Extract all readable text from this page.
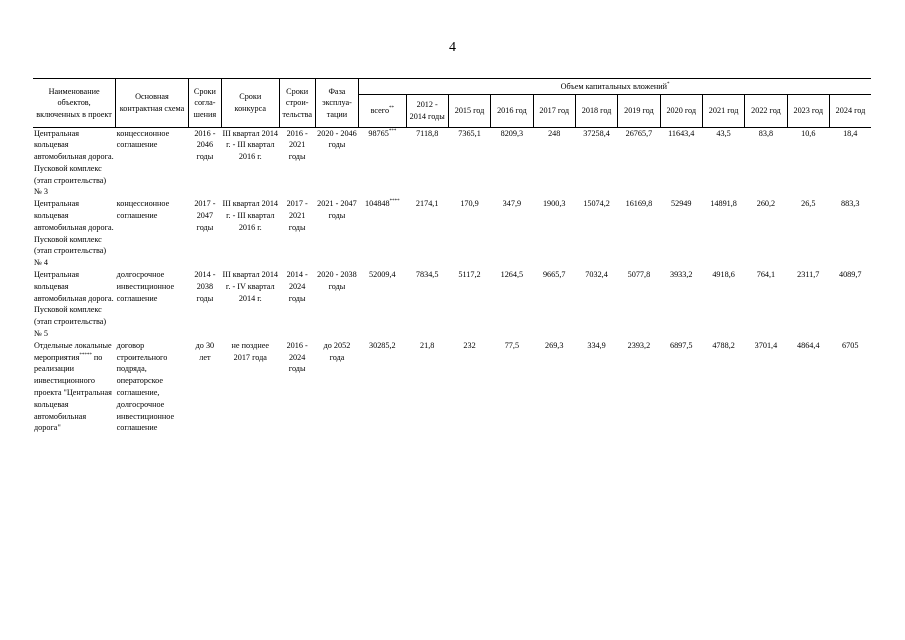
4
Наименование объектов, включенных в проект	Основная контрактная схема	Сроки согла-шения	Сроки конкурса	Сроки строи-тельства	Фаза эксплуа-тации	Объем капитальных вложений*
						всего**	2012 - 2014 годы	2015 год	2016 год	2017 год	2018 год	2019 год	2020 год	2021 год	2022 год	2023 год	2024 год
Центральная кольцевая автомобильная дорога. Пусковой комплекс (этап строительства) № 3	концессионное соглашение	2016 - 2046 годы	III квартал 2014 г. - III квартал 2016 г.	2016 - 2021 годы	2020 - 2046 годы	98765***	7118,8	7365,1	8209,3	248	37258,4	26765,7	11643,4	43,5	83,8	10,6	18,4
Центральная кольцевая автомобильная дорога. Пусковой комплекс (этап строительства) № 4	концессионное соглашение	2017 - 2047 годы	III квартал 2014 г. - III квартал 2016 г.	2017 - 2021 годы	2021 - 2047 годы	104848****	2174,1	170,9	347,9	1900,3	15074,2	16169,8	52949	14891,8	260,2	26,5	883,3
Центральная кольцевая автомобильная дорога. Пусковой комплекс (этап строительства) № 5	долгосрочное инвестиционное соглашение	2014 - 2038 годы	III квартал 2014 г. - IV квартал 2014 г.	2014 - 2024 годы	2020 - 2038 годы	52009,4	7834,5	5117,2	1264,5	9665,7	7032,4	5077,8	3933,2	4918,6	764,1	2311,7	4089,7
Отдельные локальные мероприятия***** по реализации инвестиционного проекта "Центральная кольцевая автомобильная дорога"	договор строительного подряда, операторское соглашение, долгосрочное инвестиционное соглашение	до 30 лет	не позднее 2017 года	2016 - 2024 годы	до 2052 года	30285,2	21,8	232	77,5	269,3	334,9	2393,2	6897,5	4788,2	3701,4	4864,4	6705
